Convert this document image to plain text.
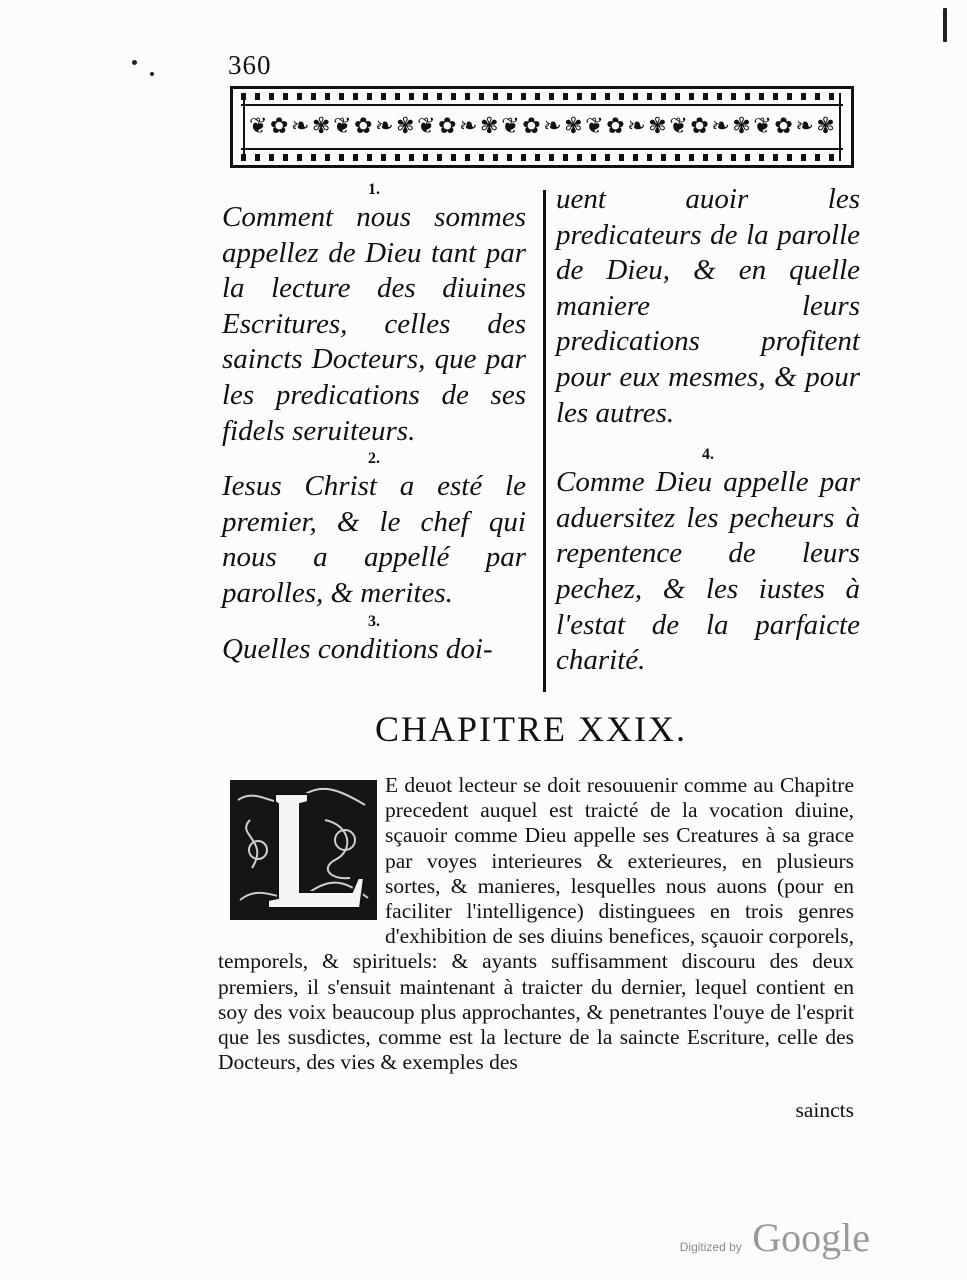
360
❦ ✿ ❧ ✾ ❦ ✿ ❧ ✾ ❦ ✿ ❧ ✾ ❦ ✿ ❧ ✾ ❦ ✿ ❧ ✾ ❦ ✿ ❧ ✾ ❦ ✿ ❧ ✾
1.

Comment nous sommes appellez de Dieu tant par la lecture des diuines Escritures, celles des saincts Docteurs, que par les predications de ses fidels seruiteurs.

2.

Iesus Christ a esté le premier, & le chef qui nous a appellé par parolles, & merites.

3.

Quelles conditions doi-

uent auoir les predicateurs de la parolle de Dieu, & en quelle maniere leurs predications profitent pour eux mesmes, & pour les autres.

4.

Comme Dieu appelle par aduersitez les pecheurs à repentence de leurs pechez, & les iustes à l'estat de la parfaicte charité.

CHAPITRE XXIX.

E deuot lecteur se doit resouuenir comme au Chapitre precedent auquel est traicté de la vocation diuine, sçauoir comme Dieu appelle ses Creatures à sa grace par voyes interieures & exterieures, en plusieurs sortes, & manieres, lesquelles nous auons (pour en faciliter l'intelligence) distinguees en trois genres d'exhibition de ses diuins benefices, sçauoir corporels, temporels, & spirituels: & ayants suffisamment discouru des deux premiers, il s'ensuit maintenant à traicter du dernier, lequel contient en soy des voix beaucoup plus approchantes, & penetrantes l'ouye de l'esprit que les susdictes, comme est la lecture de la saincte Escriture, celle des Docteurs, des vies & exemples des

saincts
Digitized by Google
